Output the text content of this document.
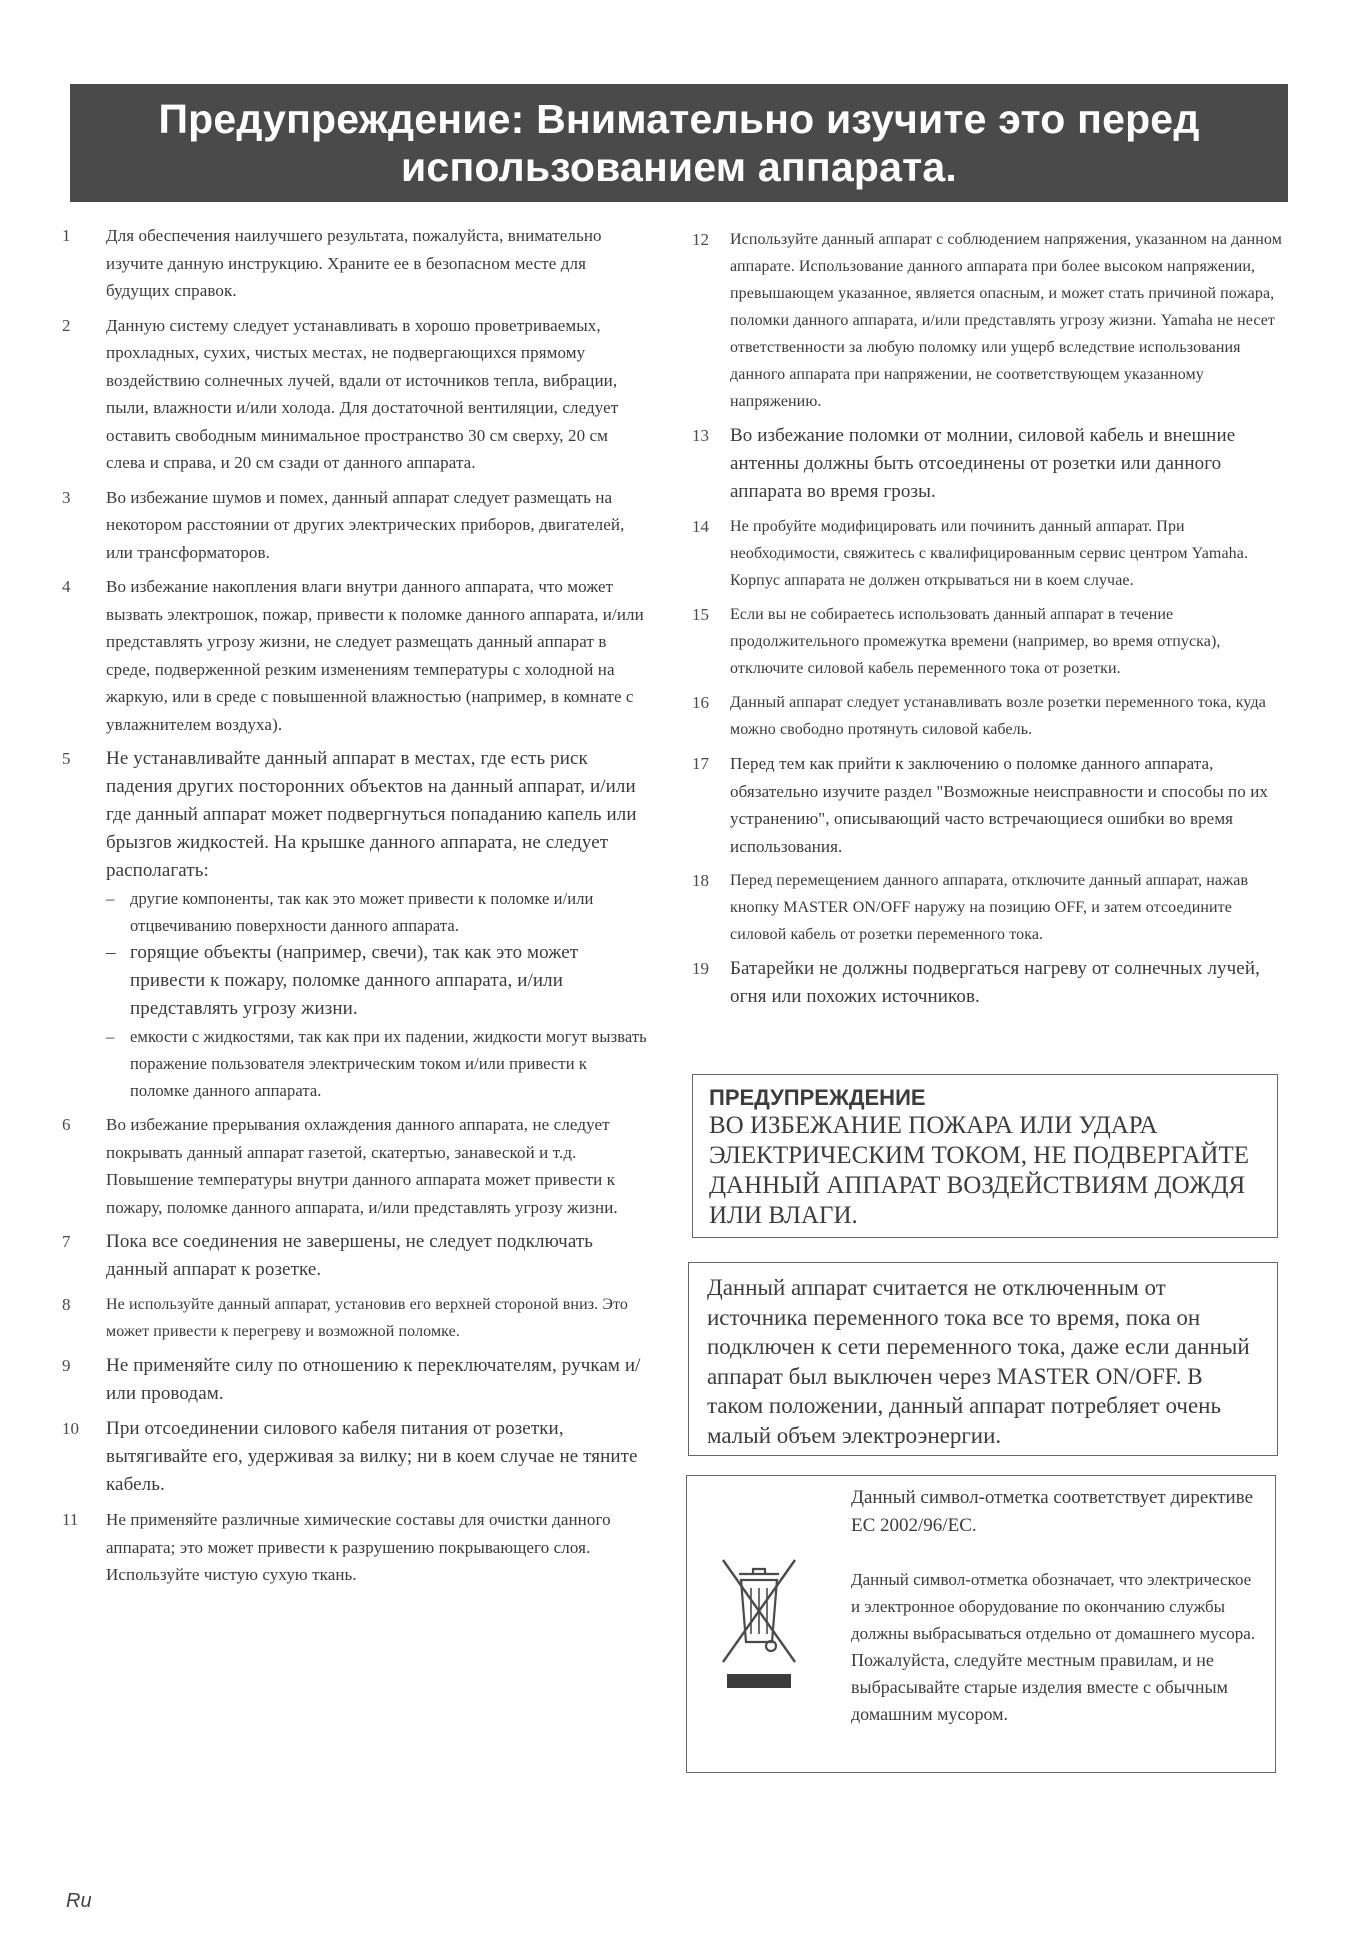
Предупреждение: Внимательно изучите это перед
использованием аппарата.
1	Для обеспечения наилучшего результата, пожалуйста, внимательно изучите данную инструкцию. Храните ее в безопасном месте для будущих справок.
2	Данную систему следует устанавливать в хорошо проветриваемых, прохладных, сухих, чистых местах, не подвергающихся прямому воздействию солнечных лучей, вдали от источников тепла, вибрации, пыли, влажности и/или холода. Для достаточной вентиляции, следует оставить свободным минимальное пространство 30 см сверху, 20 см слева и справа, и 20 см сзади от данного аппарата.
3	Во избежание шумов и помех, данный аппарат следует размещать на некотором расстоянии от других электрических приборов, двигателей, или трансформаторов.
4	Во избежание накопления влаги внутри данного аппарата, что может вызвать электрошок, пожар, привести к поломке данного аппарата, и/или представлять угрозу жизни, не следует размещать данный аппарат в среде, подверженной резким изменениям температуры с холодной на жаркую, или в среде с повышенной влажностью (например, в комнате с увлажнителем воздуха).
5	Не устанавливайте данный аппарат в местах, где есть риск падения других посторонних объектов на данный аппарат, и/или где данный аппарат может подвергнуться попаданию капель или брызгов жидкостей. На крышке данного аппарата, не следует располагать:
– другие компоненты, так как это может привести к поломке и/или отцвечиванию поверхности данного аппарата.
– горящие объекты (например, свечи), так как это может привести к пожару, поломке данного аппарата, и/или представлять угрозу жизни.
– емкости с жидкостями, так как при их падении, жидкости могут вызвать поражение пользователя электрическим током и/или привести к поломке данного аппарата.
6	Во избежание прерывания охлаждения данного аппарата, не следует покрывать данный аппарат газетой, скатертью, занавеской и т.д. Повышение температуры внутри данного аппарата может привести к пожару, поломке данного аппарата, и/или представлять угрозу жизни.
7	Пока все соединения не завершены, не следует подключать данный аппарат к розетке.
8	Не используйте данный аппарат, установив его верхней стороной вниз. Это может привести к перегреву и возможной поломке.
9	Не применяйте силу по отношению к переключателям, ручкам и/или проводам.
10	При отсоединении силового кабеля питания от розетки, вытягивайте его, удерживая за вилку; ни в коем случае не тяните кабель.
11	Не применяйте различные химические составы для очистки данного аппарата; это может привести к разрушению покрывающего слоя. Используйте чистую сухую ткань.
12	Используйте данный аппарат с соблюдением напряжения, указанном на данном аппарате. Использование данного аппарата при более высоком напряжении, превышающем указанное, является опасным, и может стать причиной пожара, поломки данного аппарата, и/или представлять угрозу жизни. Yamaha не несет ответственности за любую поломку или ущерб вследствие использования данного аппарата при напряжении, не соответствующем указанному напряжению.
13	Во избежание поломки от молнии, силовой кабель и внешние антенны должны быть отсоединены от розетки или данного аппарата во время грозы.
14	Не пробуйте модифицировать или починить данный аппарат. При необходимости, свяжитесь с квалифицированным сервис центром Yamaha. Корпус аппарата не должен открываться ни в коем случае.
15	Если вы не собираетесь использовать данный аппарат в течение продолжительного промежутка времени (например, во время отпуска), отключите силовой кабель переменного тока от розетки.
16	Данный аппарат следует устанавливать возле розетки переменного тока, куда можно свободно протянуть силовой кабель.
17	Перед тем как прийти к заключению о поломке данного аппарата, обязательно изучите раздел "Возможные неисправности и способы по их устранению", описывающий часто встречающиеся ошибки во время использования.
18	Перед перемещением данного аппарата, отключите данный аппарат, нажав кнопку MASTER ON/OFF наружу на позицию OFF, и затем отсоедините силовой кабель от розетки переменного тока.
19	Батарейки не должны подвергаться нагреву от солнечных лучей, огня или похожих источников.
ПРЕДУПРЕЖДЕНИЕ
ВО ИЗБЕЖАНИЕ ПОЖАРА ИЛИ УДАРА ЭЛЕКТРИЧЕСКИМ ТОКОМ, НЕ ПОДВЕРГАЙТЕ ДАННЫЙ АППАРАТ ВОЗДЕЙСТВИЯМ ДОЖДЯ ИЛИ ВЛАГИ.
Данный аппарат считается не отключенным от источника переменного тока все то время, пока он подключен к сети переменного тока, даже если данный аппарат был выключен через MASTER ON/OFF. В таком положении, данный аппарат потребляет очень малый объем электроэнергии.
Данный символ-отметка соответствует директиве EC 2002/96/EC.
Данный символ-отметка обозначает, что электрическое и электронное оборудование по окончанию службы должны выбрасываться отдельно от домашнего мусора.
Пожалуйста, следуйте местным правилам, и не выбрасывайте старые изделия вместе с обычным домашним мусором.
Ru
